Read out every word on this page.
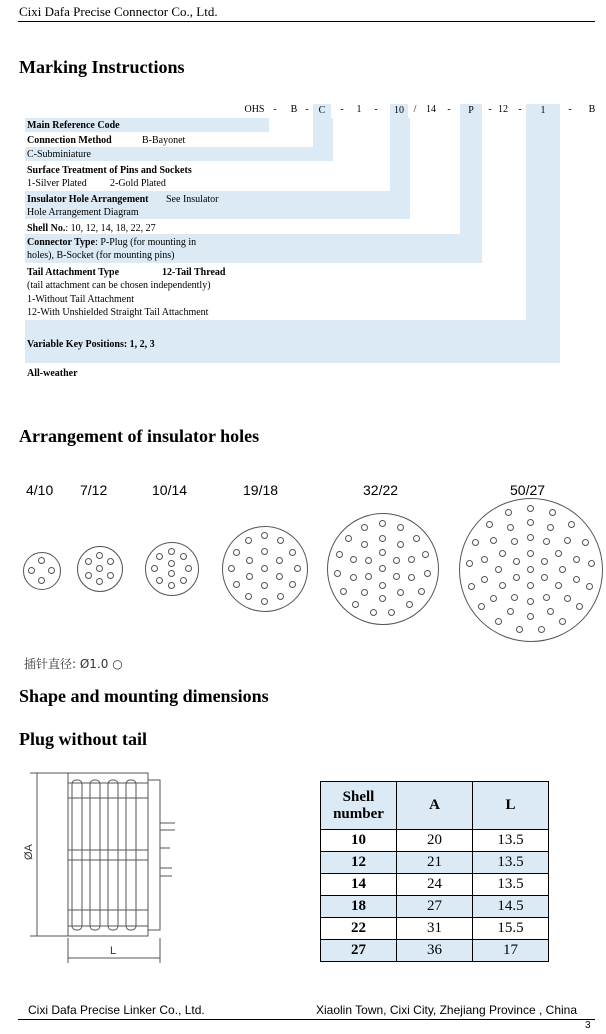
Cixi Dafa Precise Connector Co., Ltd.
Marking Instructions
OHS -	B - C	-	1	-	10 / 14	-	P	- 12	-	1	-	B
Main Reference Code
Connection Method	B-Bayonet
C-Subminiature
Surface Treatment of Pins and Sockets
1-Silver Plated 2-Gold Plated
Insulator Hole Arrangement See Insulator
Hole Arrangement Diagram
Shell No.: 10, 12, 14, 18, 22, 27
Connector Type: P-Plug (for mounting in
holes), B-Socket (for mounting pins)
Tail Attachment Type	12-Tail Thread
(tail attachment can be chosen independently)
1-Without Tail Attachment
12-With Unshielded Straight Tail Attachment
Variable Key Positions: 1, 2, 3
All-weather
Arrangement of insulator holes
4/10 7/12	10/14	19/18	32/22	50/27
插针直径: Ø1.0 ○
Shape and mounting dimensions
Plug without tail
ØA
L
Shell number	A	L
10	20	13.5
12	21	13.5
14	24	13.5
18	27	14.5
22	31	15.5
27	36	17
Cixi Dafa Precise Linker Co., Ltd.	Xiaolin Town, Cixi City, Zhejiang Province , China
3
